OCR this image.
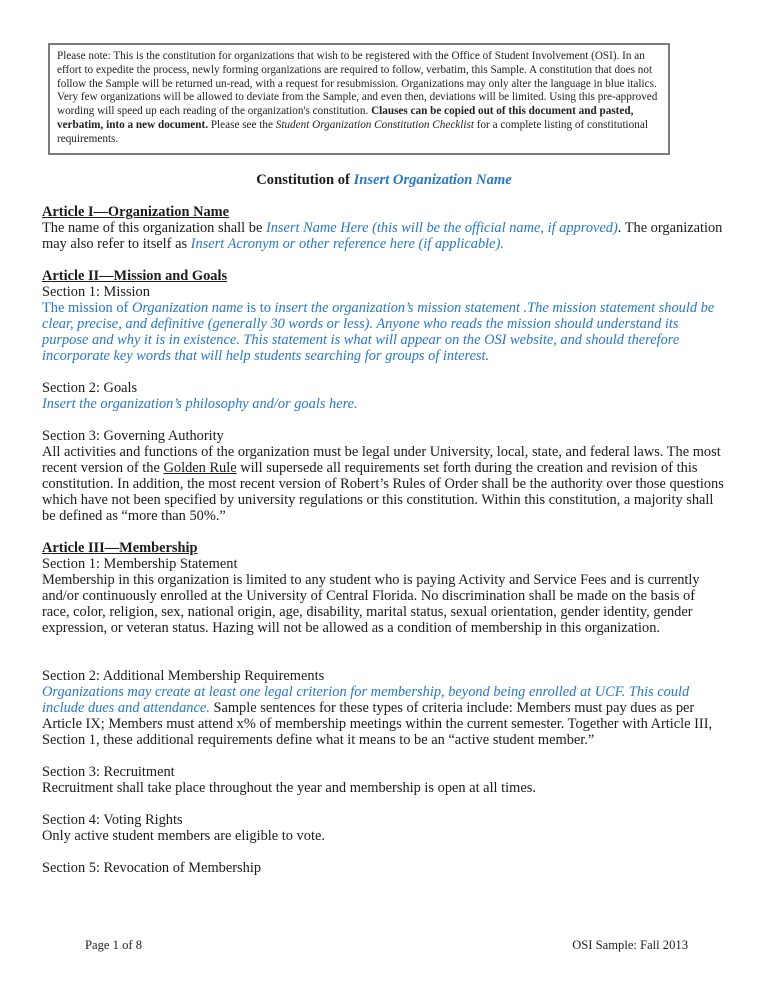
Please note: This is the constitution for organizations that wish to be registered with the Office of Student Involvement (OSI). In an effort to expedite the process, newly forming organizations are required to follow, verbatim, this Sample. A constitution that does not follow the Sample will be returned un-read, with a request for resubmission. Organizations may only alter the language in blue italics. Very few organizations will be allowed to deviate from the Sample, and even then, deviations will be limited. Using this pre-approved wording will speed up each reading of the organization's constitution. Clauses can be copied out of this document and pasted, verbatim, into a new document. Please see the Student Organization Constitution Checklist for a complete listing of constitutional requirements.
Constitution of Insert Organization Name

Article I—Organization Name

The name of this organization shall be Insert Name Here (this will be the official name, if approved). The organization may also refer to itself as Insert Acronym or other reference here (if applicable).

Article II—Mission and Goals

Section 1: Mission

The mission of Organization name is to insert the organization’s mission statement .The mission statement should be clear, precise, and definitive (generally 30 words or less). Anyone who reads the mission should understand its purpose and why it is in existence. This statement is what will appear on the OSI website, and should therefore incorporate key words that will help students searching for groups of interest.

Section 2: Goals

Insert the organization’s philosophy and/or goals here.

Section 3: Governing Authority

All activities and functions of the organization must be legal under University, local, state, and federal laws. The most recent version of the Golden Rule will supersede all requirements set forth during the creation and revision of this constitution. In addition, the most recent version of Robert’s Rules of Order shall be the authority over those questions which have not been specified by university regulations or this constitution. Within this constitution, a majority shall be defined as “more than 50%.”

Article III—Membership

Section 1: Membership Statement

Membership in this organization is limited to any student who is paying Activity and Service Fees and is currently and/or continuously enrolled at the University of Central Florida. No discrimination shall be made on the basis of race, color, religion, sex, national origin, age, disability, marital status, sexual orientation, gender identity, gender expression, or veteran status. Hazing will not be allowed as a condition of membership in this organization.

Section 2: Additional Membership Requirements

Organizations may create at least one legal criterion for membership, beyond being enrolled at UCF. This could include dues and attendance. Sample sentences for these types of criteria include: Members must pay dues as per Article IX; Members must attend x% of membership meetings within the current semester. Together with Article III, Section 1, these additional requirements define what it means to be an “active student member.”

Section 3: Recruitment

Recruitment shall take place throughout the year and membership is open at all times.

Section 4: Voting Rights

Only active student members are eligible to vote.

Section 5: Revocation of Membership

Page 1 of 8	OSI Sample: Fall 2013
